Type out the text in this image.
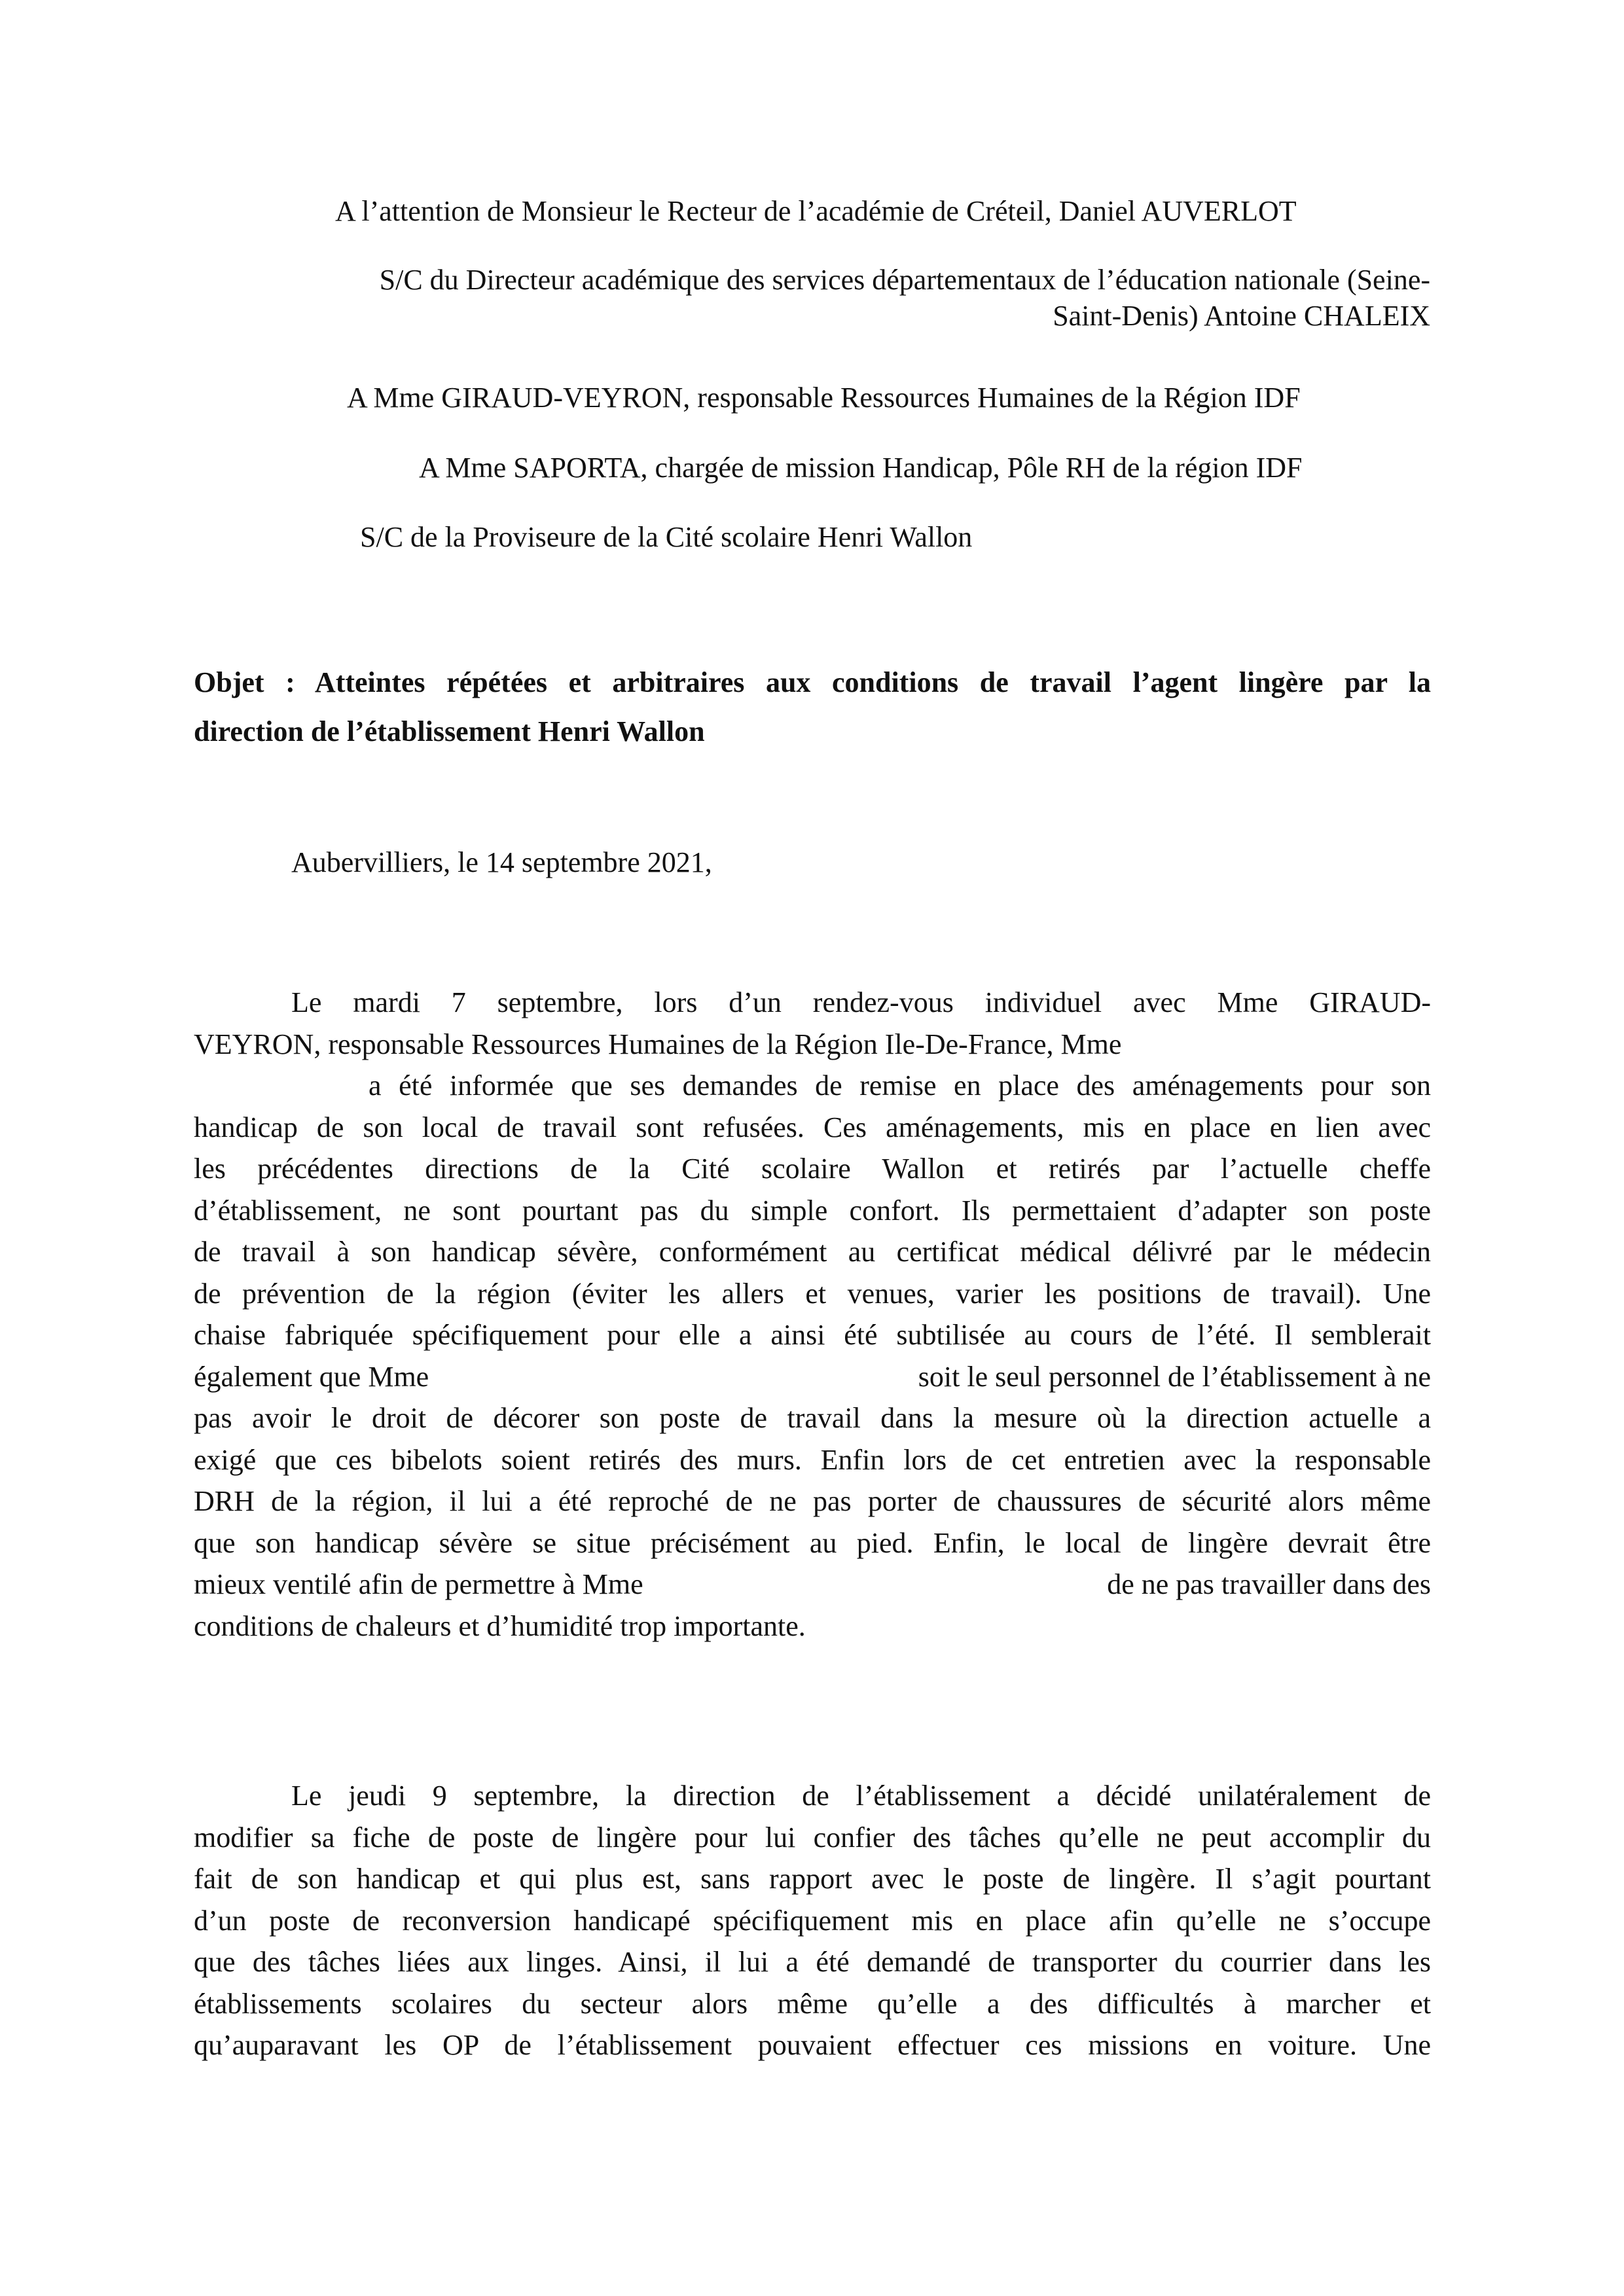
A l’attention de Monsieur le Recteur de l’académie de Créteil, Daniel AUVERLOT

S/C du Directeur académique des services départementaux de l’éducation nationale (Seine-
Saint-Denis) Antoine CHALEIX

A Mme GIRAUD-VEYRON, responsable Ressources Humaines de la Région IDF

A Mme SAPORTA, chargée de mission Handicap, Pôle RH de la région IDF

S/C de la Proviseure de la Cité scolaire Henri Wallon

Objet : Atteintes répétées et arbitraires aux conditions de travail l’agent lingère par la
direction de l’établissement Henri Wallon

Aubervilliers, le 14 septembre 2021,

Le mardi 7 septembre, lors d’un rendez-vous individuel avec Mme GIRAUD-
VEYRON, responsable Ressources Humaines de la Région Ile-De-France, Mme
a été informée que ses demandes de remise en place des aménagements pour son
handicap de son local de travail sont refusées. Ces aménagements, mis en place en lien avec
les précédentes directions de la Cité scolaire Wallon et retirés par l’actuelle cheffe
d’établissement, ne sont pourtant pas du simple confort. Ils permettaient d’adapter son poste
de travail à son handicap sévère, conformément au certificat médical délivré par le médecin
de prévention de la région (éviter les allers et venues, varier les positions de travail). Une
chaise fabriquée spécifiquement pour elle a ainsi été subtilisée au cours de l’été. Il semblerait
également que Mme	soit le seul personnel de l’établissement à ne
pas avoir le droit de décorer son poste de travail dans la mesure où la direction actuelle a
exigé que ces bibelots soient retirés des murs. Enfin lors de cet entretien avec la responsable
DRH de la région, il lui a été reproché de ne pas porter de chaussures de sécurité alors même
que son handicap sévère se situe précisément au pied. Enfin, le local de lingère devrait être
mieux ventilé afin de permettre à Mme	de ne pas travailler dans des
conditions de chaleurs et d’humidité trop importante.
Le jeudi 9 septembre, la direction de l’établissement a décidé unilatéralement de
modifier sa fiche de poste de lingère pour lui confier des tâches qu’elle ne peut accomplir du
fait de son handicap et qui plus est, sans rapport avec le poste de lingère. Il s’agit pourtant
d’un poste de reconversion handicapé spécifiquement mis en place afin qu’elle ne s’occupe
que des tâches liées aux linges. Ainsi, il lui a été demandé de transporter du courrier dans les
établissements scolaires du secteur alors même qu’elle a des difficultés à marcher et
qu’auparavant les OP de l’établissement pouvaient effectuer ces missions en voiture. Une
